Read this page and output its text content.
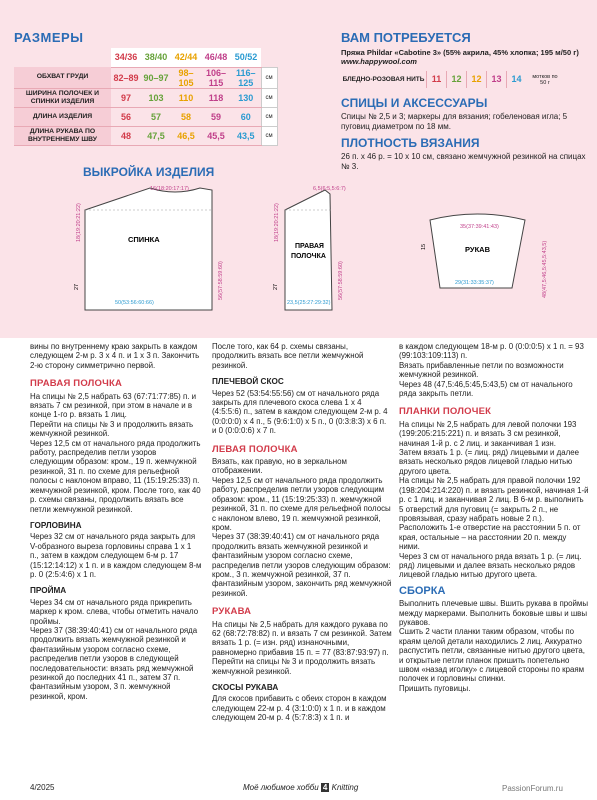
РАЗМЕРЫ
	34/36	38/40	42/44	46/48	50/52	
ОБХВАТ ГРУДИ	82–89	90–97	98–105	106–115	116–125	см
ШИРИНА ПОЛОЧЕК И СПИНКИ ИЗДЕЛИЯ	97	103	110	118	130	см
ДЛИНА ИЗДЕЛИЯ	56	57	58	59	60	см
ДЛИНА РУКАВА ПО ВНУТРЕННЕМУ ШВУ	48	47,5	46,5	45,5	43,5	см
ВАМ ПОТРЕБУЕТСЯ
Пряжа Phildar «Cabotine 3» (55% акрила, 45% хлопка; 195 м/50 г)
www.happywool.com
БЛЕДНО-РОЗОВАЯ НИТЬ 11	12	12	13	14	мотков по 50 г
СПИЦЫ И АКСЕССУАРЫ
Спицы № 2,5 и 3; маркеры для вязания; гобеленовая игла; 5 пуговиц диаметром по 18 мм.
ПЛОТНОСТЬ ВЯЗАНИЯ
26 п. х 46 р. = 10 х 10 см, связано жемчужной резинкой на спицах № 3.
ВЫКРОЙКА ИЗДЕЛИЯ
СПИНКА
16(18:20:17:17)
50(53:56:60:66)
18(19:20:21:22)
56(57:58:59:60)
27
ПРАВАЯ
ПОЛОЧКА
6,5(6:5,5:6:7)
23,5(25:27:29:32)
56(57:58:59:60)
18(19:20:21:22)
27
РУКАВ
35(37:39:41:43)
29(31:33:35:37)	48(47,5:46,5:45,5:43,5)
15

вины по внутреннему краю закрыть в каждом следующем 2-м р. 3 х 4 п. и 1 х 3 п. Закончить 2-ю сторону симметрично первой.

ПРАВАЯ ПОЛОЧКА

На спицы № 2,5 набрать 63 (67:71:77:85) п. и вязать 7 см резинкой, при этом в начале и в конце 1-го р. вязать 1 лиц.

Перейти на спицы № 3 и продолжить вязать жемчужной резинкой.

Через 12,5 см от начального ряда продолжить работу, распределив петли узоров следующим образом: кром., 19 п. жемчужной резинкой, 31 п. по схеме для рельефной полосы с наклоном вправо, 11 (15:19:25:33) п. жемчужной резинкой, кром. После того, как 40 р. схемы связаны, продолжить вязать все петли жемчужной резинкой.

ГОРЛОВИНА

Через 32 см от начального ряда закрыть для V-образного выреза горловины справа 1 х 1 п., затем в каждом следующем 6-м р. 17 (15:12:14:12) х 1 п. и в каждом следующем 8-м р. 0 (2:5:4:6) х 1 п.

ПРОЙМА

Через 34 см от начального ряда прикрепить маркер к кром. слева, чтобы отметить начало проймы.

Через 37 (38:39:40:41) см от начального ряда продолжить вязать жемчужной резинкой и фантазийным узором согласно схеме, распределив петли узоров в следующей последовательности: вязать ряд жемчужной резинкой до последних 41 п., затем 37 п. фантазийным узором, 3 п. жемчужной резинкой, кром.

После того, как 64 р. схемы связаны, продолжить вязать все петли жемчужной резинкой.

ПЛЕЧЕВОЙ СКОС

Через 52 (53:54:55:56) см от начального ряда закрыть для плечевого скоса слева 1 х 4 (4:5:5:6) п., затем в каждом следующем 2-м р. 4 (0:0:0:0) х 4 п., 5 (9:6:1:0) х 5 п., 0 (0:3:8:3) х 6 п. и 0 (0:0:0:6) х 7 п.

ЛЕВАЯ ПОЛОЧКА

Вязать, как правую, но в зеркальном отображении.

Через 12,5 см от начального ряда продолжить работу, распределив петли узоров следующим образом: кром., 11 (15:19:25:33) п. жемчужной резинкой, 31 п. по схеме для рельефной полосы с наклоном влево, 19 п. жемчужной резинкой, кром.

Через 37 (38:39:40:41) см от начального ряда продолжить вязать жемчужной резинкой и фантазийным узором согласно схеме, распределив петли узоров следующим образом: кром., 3 п. жемчужной резинкой, 37 п. фантазийным узором, закончить ряд жемчужной резинкой.

РУКАВА

На спицы № 2,5 набрать для каждого рукава по 62 (68:72:78:82) п. и вязать 7 см резинкой. Затем вязать 1 р. (= изн. ряд) изнаночными, равномерно прибавив 15 п. = 77 (83:87:93:97) п.

Перейти на спицы № 3 и продолжить вязать жемчужной резинкой.

СКОСЫ РУКАВА

Для скосов прибавить с обеих сторон в каждом следующем 22-м р. 4 (3:1:0:0) х 1 п. и в каждом следующем 20-м р. 4 (5:7:8:3) х 1 п. и

в каждом следующем 18-м р. 0 (0:0:0:5) х 1 п. = 93 (99:103:109:113) п.

Вязать прибавленные петли по возможности жемчужной резинкой.

Через 48 (47,5:46,5:45,5:43,5) см от начального ряда закрыть петли.

ПЛАНКИ ПОЛОЧЕК

На спицы № 2,5 набрать для левой полочки 193 (199:205:215:221) п. и вязать 3 см резинкой, начиная 1-й р. с 2 лиц. и заканчивая 1 изн.

Затем вязать 1 р. (= лиц. ряд) лицевыми и далее вязать несколько рядов лицевой гладью нитью другого цвета.

На спицы № 2,5 набрать для правой полочки 192 (198:204:214:220) п. и вязать резинкой, начиная 1-й р. с 1 лиц. и заканчивая 2 лиц. В 6-м р. выполнить 5 отверстий для пуговиц (= закрыть 2 п., не провязывая, сразу набрать новые 2 п.).

Расположить 1-е отверстие на расстоянии 5 п. от края, остальные – на расстоянии 20 п. между ними.

Через 3 см от начального ряда вязать 1 р. (= лиц. ряд) лицевыми и далее вязать несколько рядов лицевой гладью нитью другого цвета.

СБОРКА

Выполнить плечевые швы. Вшить рукава в проймы между маркерами. Выполнить боковые швы и швы рукавов.

Сшить 2 части планки таким образом, чтобы по краям целой детали находились 2 лиц. Аккуратно распустить петли, связанные нитью другого цвета, и открытые петли планок пришить попетельно швом «назад иголку» с лицевой стороны по краям полочек и горловины спинки.

Пришить пуговицы.

4/2025	Моё любимое хобби 4 Knitting	PassionForum.ru
